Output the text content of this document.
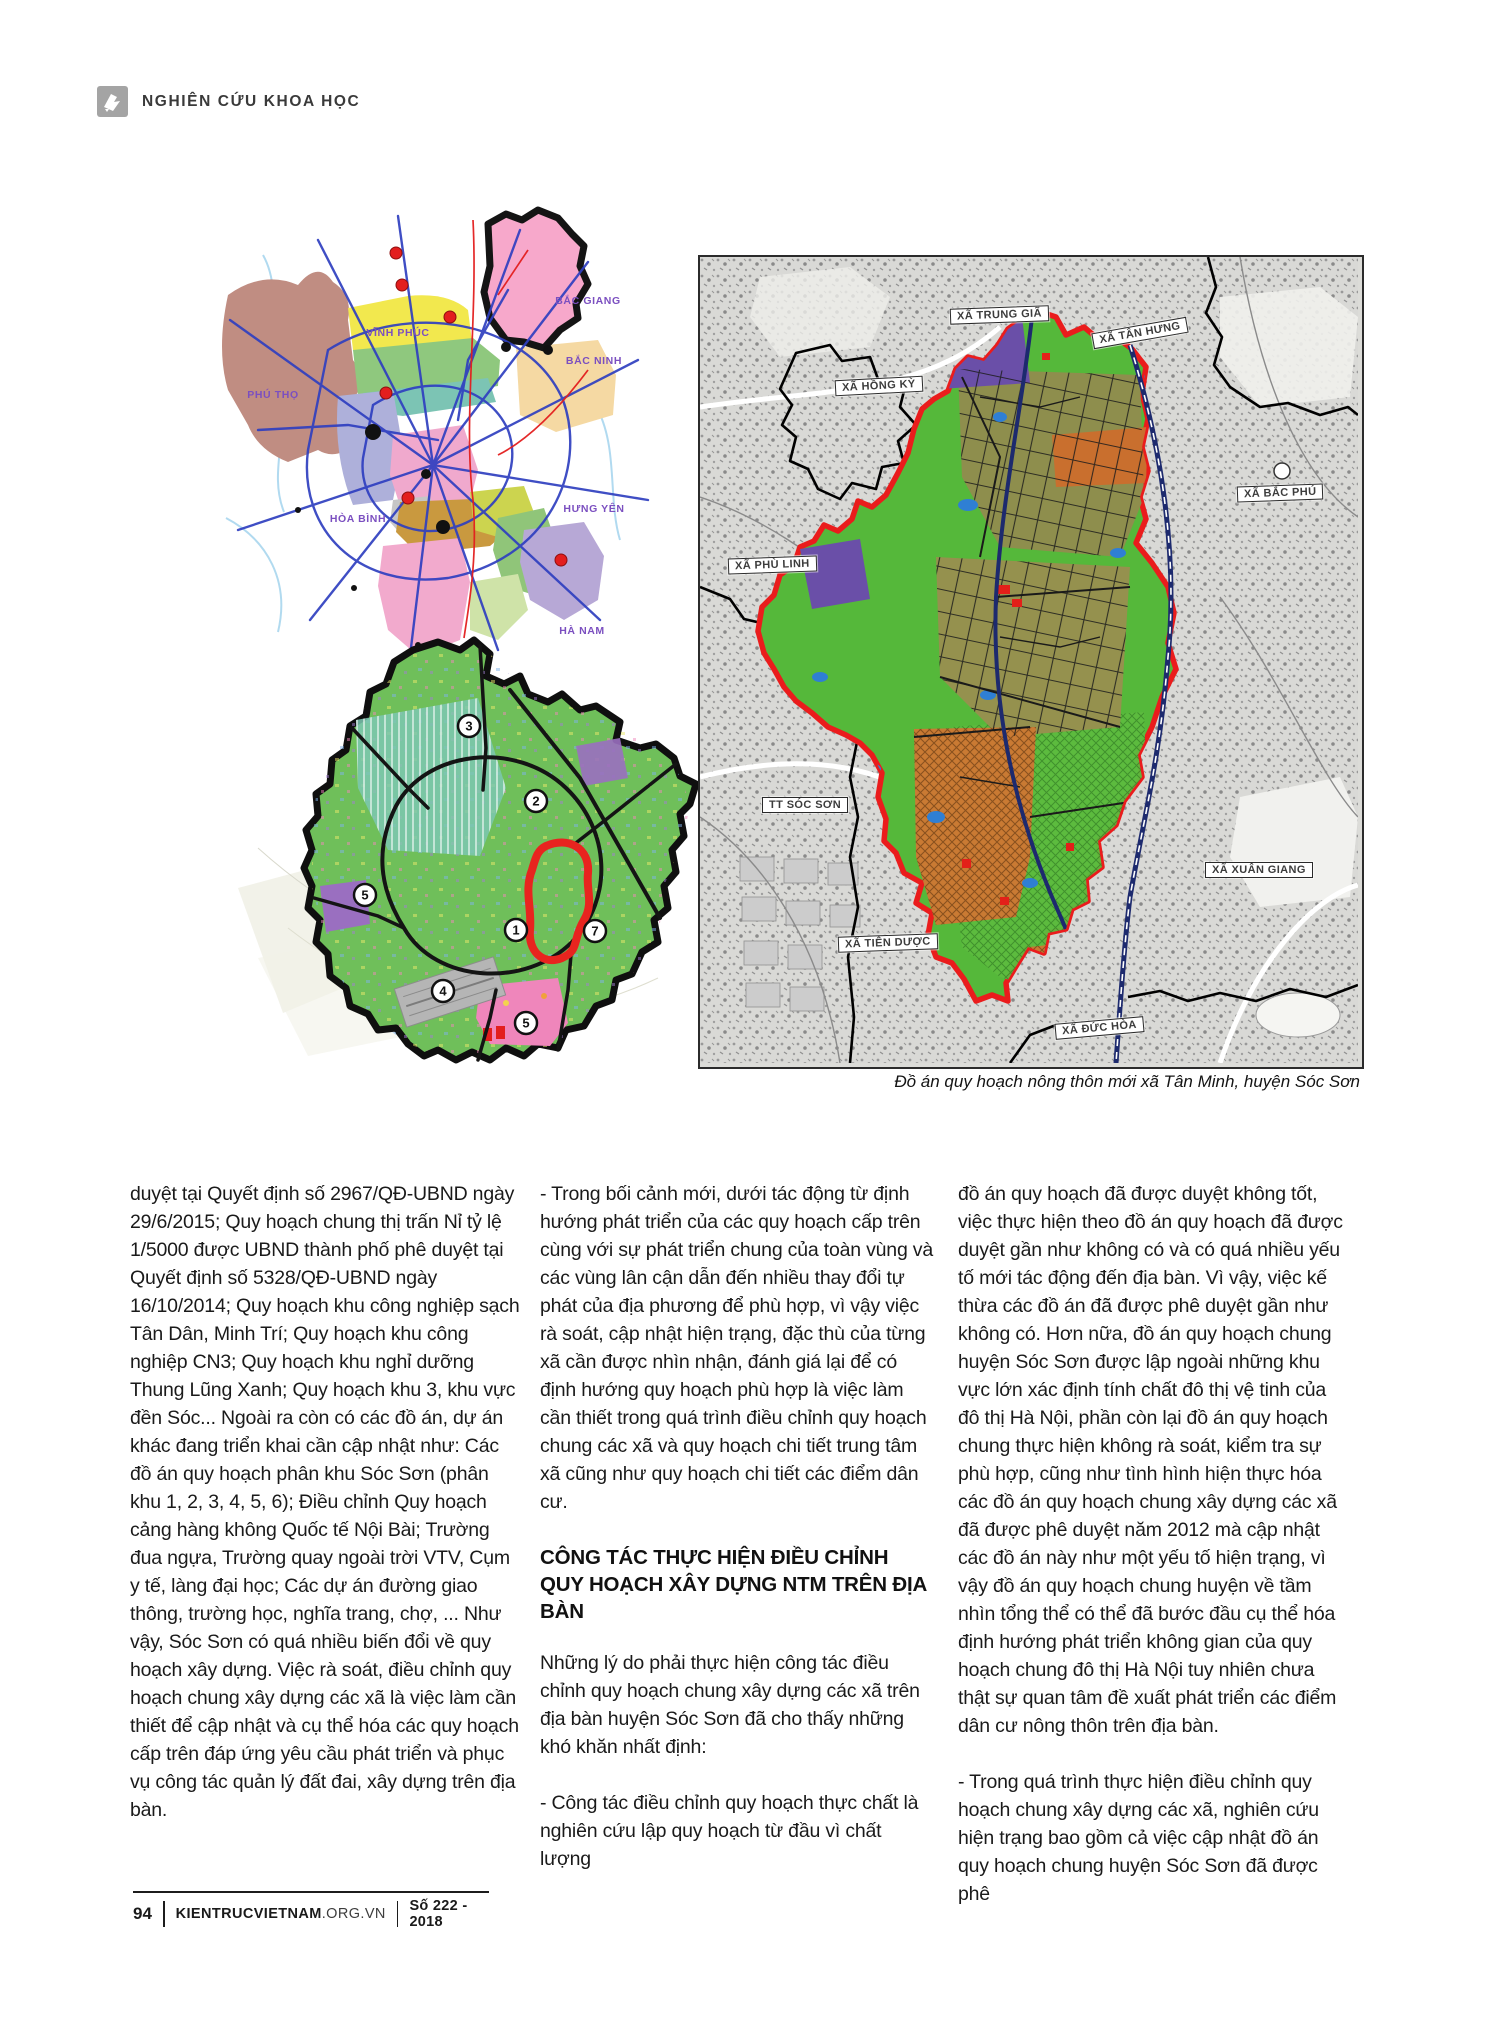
NGHIÊN CỨU KHOA HỌC
VĨNH PHÚC
PHÚ THỌ
HÒA BÌNH
BẮC GIANG
BẮC NINH
HƯNG YÊN
HÀ NAM
3
2
5
1	7
4
5
XÃ TRUNG GIÃ
XÃ TÂN HƯNG
XÃ HỒNG KỲ
XÃ BẮC PHÚ
XÃ PHÙ LINH
TT SÓC SƠN
XÃ XUÂN GIANG
XÃ TIÊN DƯỢC
XÃ ĐỨC HÒA
Đồ án quy hoạch nông thôn mới xã Tân Minh, huyện Sóc Sơn

duyệt tại Quyết định số 2967/QĐ-UBND ngày 29/6/2015; Quy hoạch chung thị trấn Nỉ tỷ lệ 1/5000 được UBND thành phố phê duyệt tại Quyết định số 5328/QĐ-UBND ngày 16/10/2014; Quy hoạch khu công nghiệp sạch Tân Dân, Minh Trí; Quy hoạch khu công nghiệp CN3; Quy hoạch khu nghỉ dưỡng Thung Lũng Xanh; Quy hoạch khu 3, khu vực đền Sóc... Ngoài ra còn có các đồ án, dự án khác đang triển khai cần cập nhật như: Các đồ án quy hoạch phân khu Sóc Sơn (phân khu 1, 2, 3, 4, 5, 6); Điều chỉnh Quy hoạch cảng hàng không Quốc tế Nội Bài; Trường đua ngựa, Trường quay ngoài trời VTV, Cụm y tế, làng đại học; Các dự án đường giao thông, trường học, nghĩa trang, chợ, ... Như vậy, Sóc Sơn có quá nhiều biến đổi về quy hoạch xây dựng. Việc rà soát, điều chỉnh quy hoạch chung xây dựng các xã là việc làm cần thiết để cập nhật và cụ thể hóa các quy hoạch cấp trên đáp ứng yêu cầu phát triển và phục vụ công tác quản lý đất đai, xây dựng trên địa bàn.

- Trong bối cảnh mới, dưới tác động từ định hướng phát triển của các quy hoạch cấp trên cùng với sự phát triển chung của toàn vùng và các vùng lân cận dẫn đến nhiều thay đổi tự phát của địa phương để phù hợp, vì vậy việc rà soát, cập nhật hiện trạng, đặc thù của từng xã cần được nhìn nhận, đánh giá lại để có định hướng quy hoạch phù hợp là việc làm cần thiết trong quá trình điều chỉnh quy hoạch chung các xã và quy hoạch chi tiết trung tâm xã cũng như quy hoạch chi tiết các điểm dân cư.

CÔNG TÁC THỰC HIỆN ĐIỀU CHỈNH QUY HOẠCH XÂY DỰNG NTM TRÊN ĐỊA BÀN

Những lý do phải thực hiện công tác điều chỉnh quy hoạch chung xây dựng các xã trên địa bàn huyện Sóc Sơn đã cho thấy những khó khăn nhất định:

- Công tác điều chỉnh quy hoạch thực chất là nghiên cứu lập quy hoạch từ đầu vì chất lượng

đồ án quy hoạch đã được duyệt không tốt, việc thực hiện theo đồ án quy hoạch đã được duyệt gần như không có và có quá nhiều yếu tố mới tác động đến địa bàn. Vì vậy, việc kế thừa các đồ án đã được phê duyệt gần như không có. Hơn nữa, đồ án quy hoạch chung huyện Sóc Sơn được lập ngoài những khu vực lớn xác định tính chất đô thị vệ tinh của đô thị Hà Nội, phần còn lại đồ án quy hoạch chung thực hiện không rà soát, kiểm tra sự phù hợp, cũng như tình hình hiện thực hóa các đồ án quy hoạch chung xây dựng các xã đã được phê duyệt năm 2012 mà cập nhật các đồ án này như một yếu tố hiện trạng, vì vậy đồ án quy hoạch chung huyện về tầm nhìn tổng thể có thể đã bước đầu cụ thể hóa định hướng phát triển không gian của quy hoạch chung đô thị Hà Nội tuy nhiên chưa thật sự quan tâm đề xuất phát triển các điểm dân cư nông thôn trên địa bàn.

- Trong quá trình thực hiện điều chỉnh quy hoạch chung xây dựng các xã, nghiên cứu hiện trạng bao gồm cả việc cập nhật đồ án quy hoạch chung huyện Sóc Sơn đã được phê

94 KIENTRUCVIETNAM.ORG.VN Số 222 - 2018
